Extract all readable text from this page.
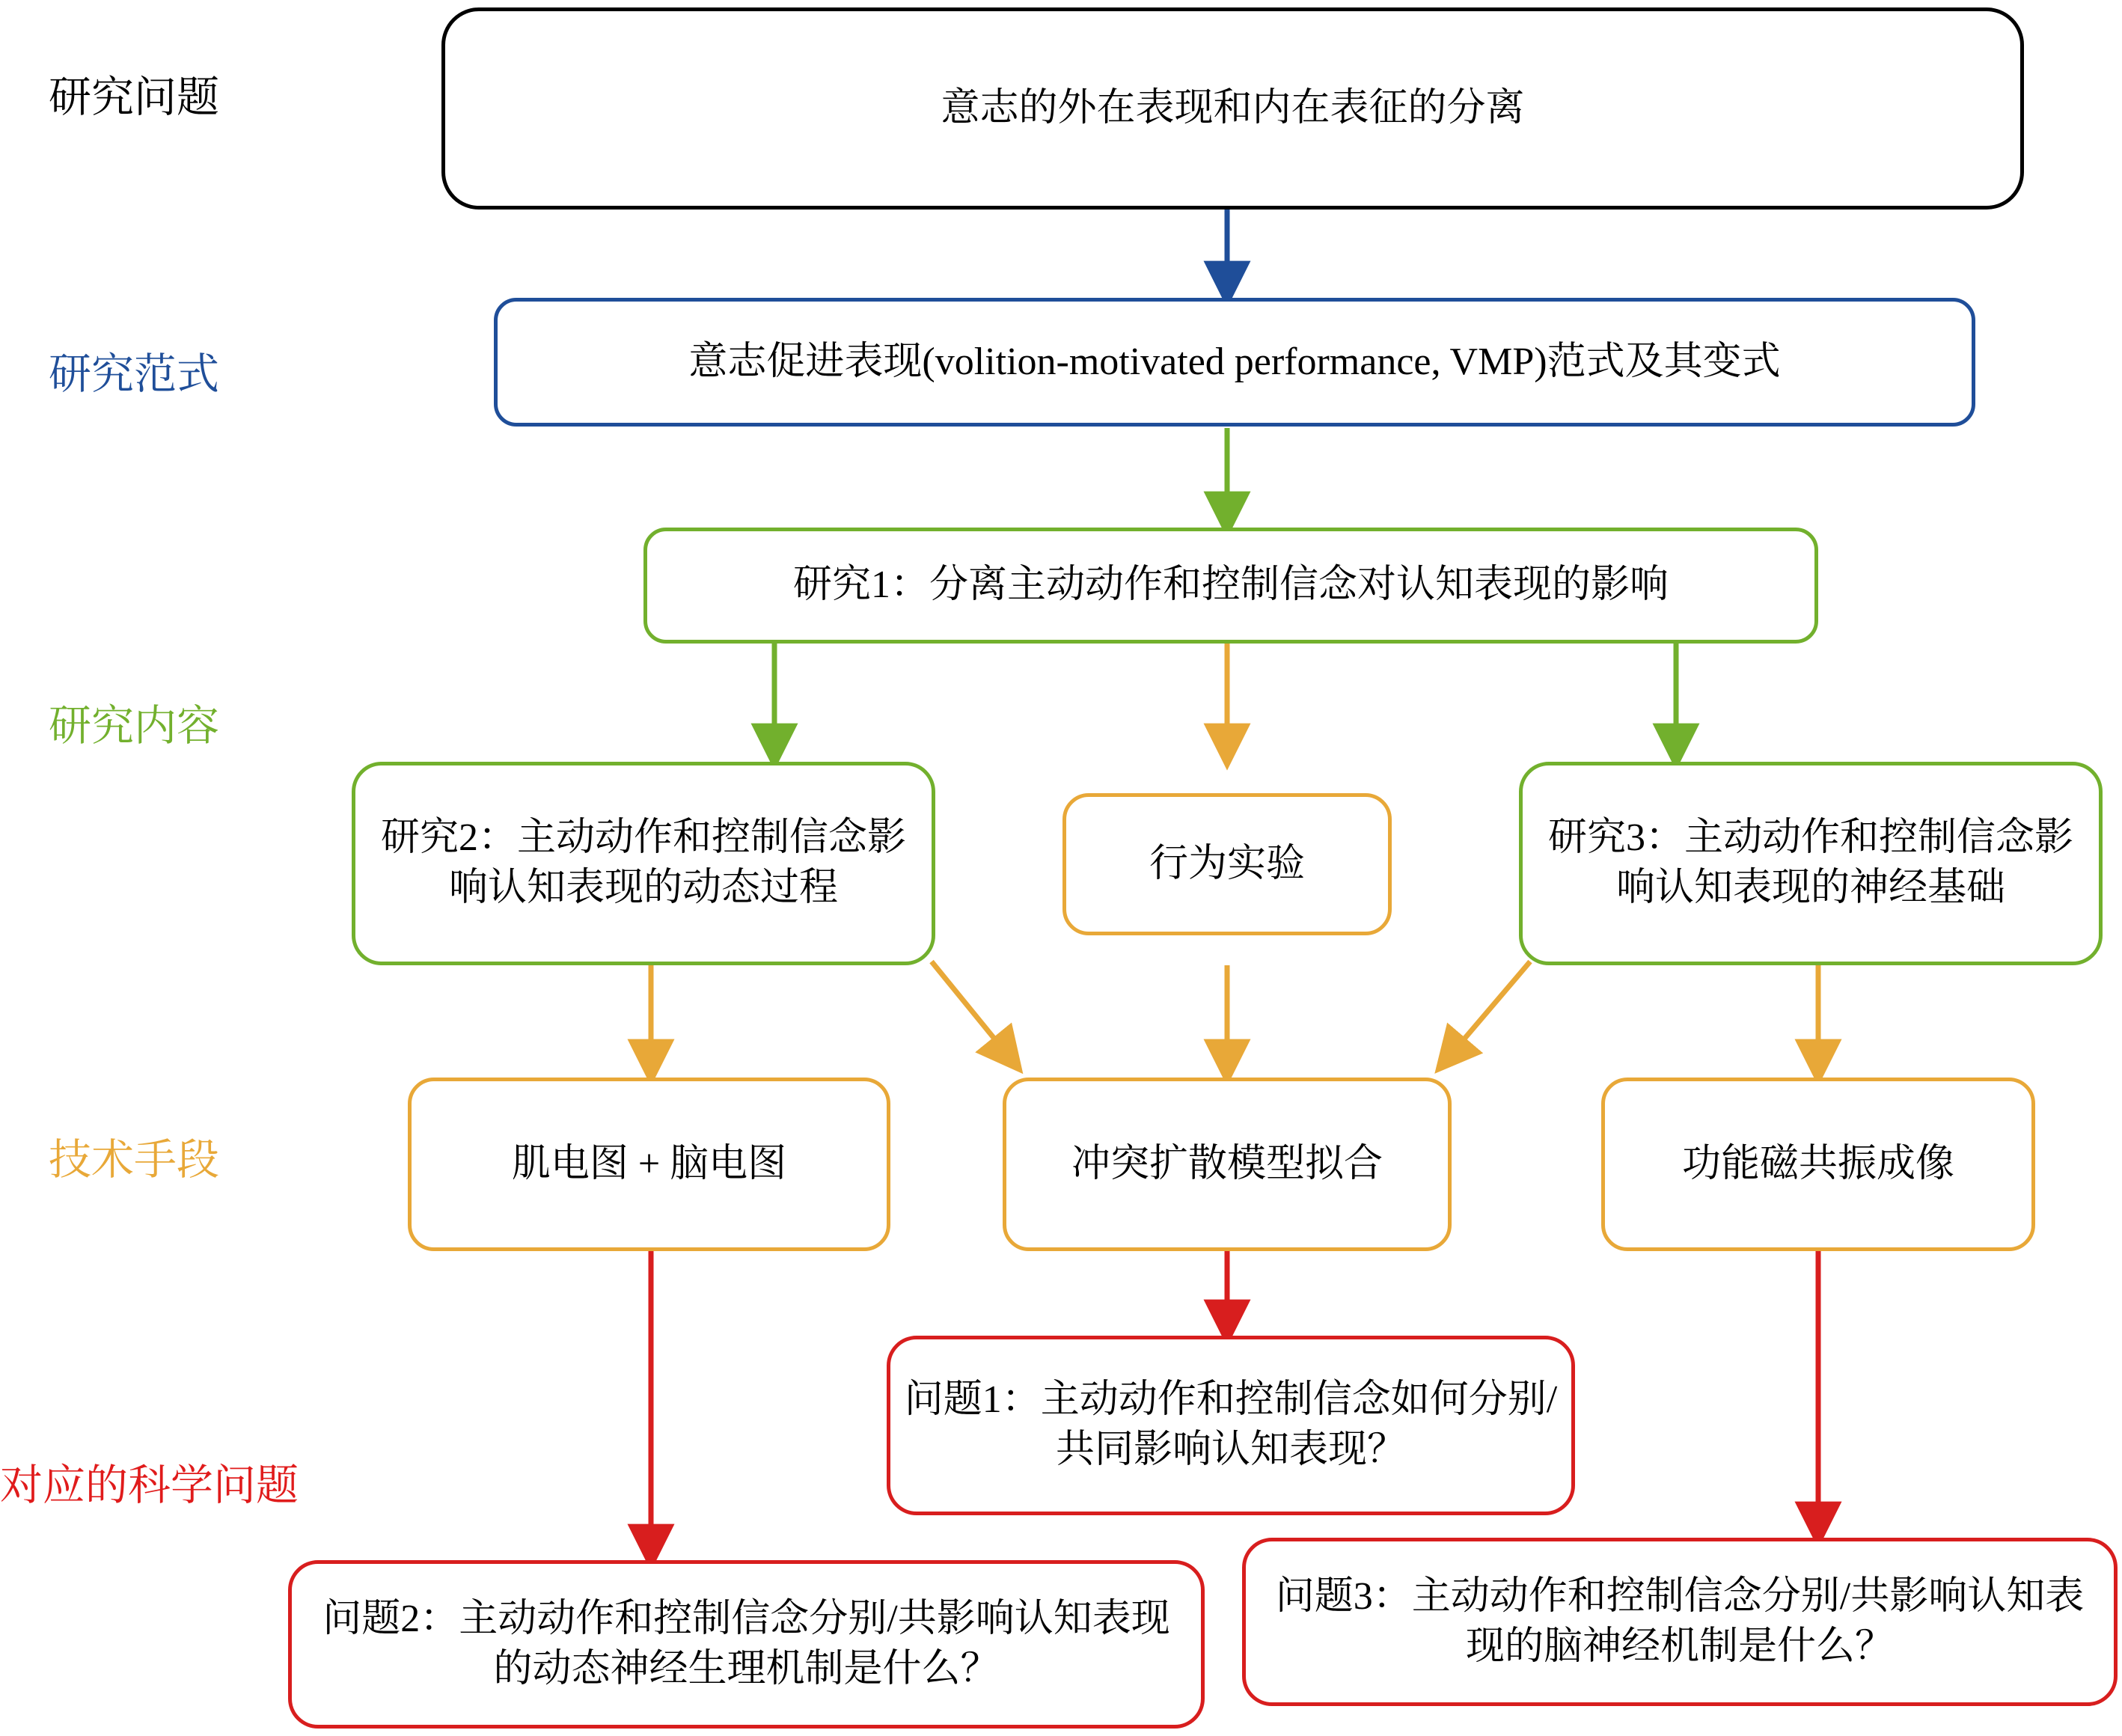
研究问题
研究范式
研究内容
技术手段
对应的科学问题
意志的外在表现和内在表征的分离
意志促进表现(volition-motivated performance, VMP)范式及其变式
研究1：分离主动动作和控制信念对认知表现的影响
研究2：主动动作和控制信念影响认知表现的动态过程
行为实验
研究3：主动动作和控制信念影响认知表现的神经基础
肌电图 + 脑电图	冲突扩散模型拟合	功能磁共振成像
问题1：主动动作和控制信念如何分别/共同影响认知表现？
问题2：主动动作和控制信念分别/共影响认知表现的动态神经生理机制是什么？
问题3：主动动作和控制信念分别/共影响认知表现的脑神经机制是什么？
